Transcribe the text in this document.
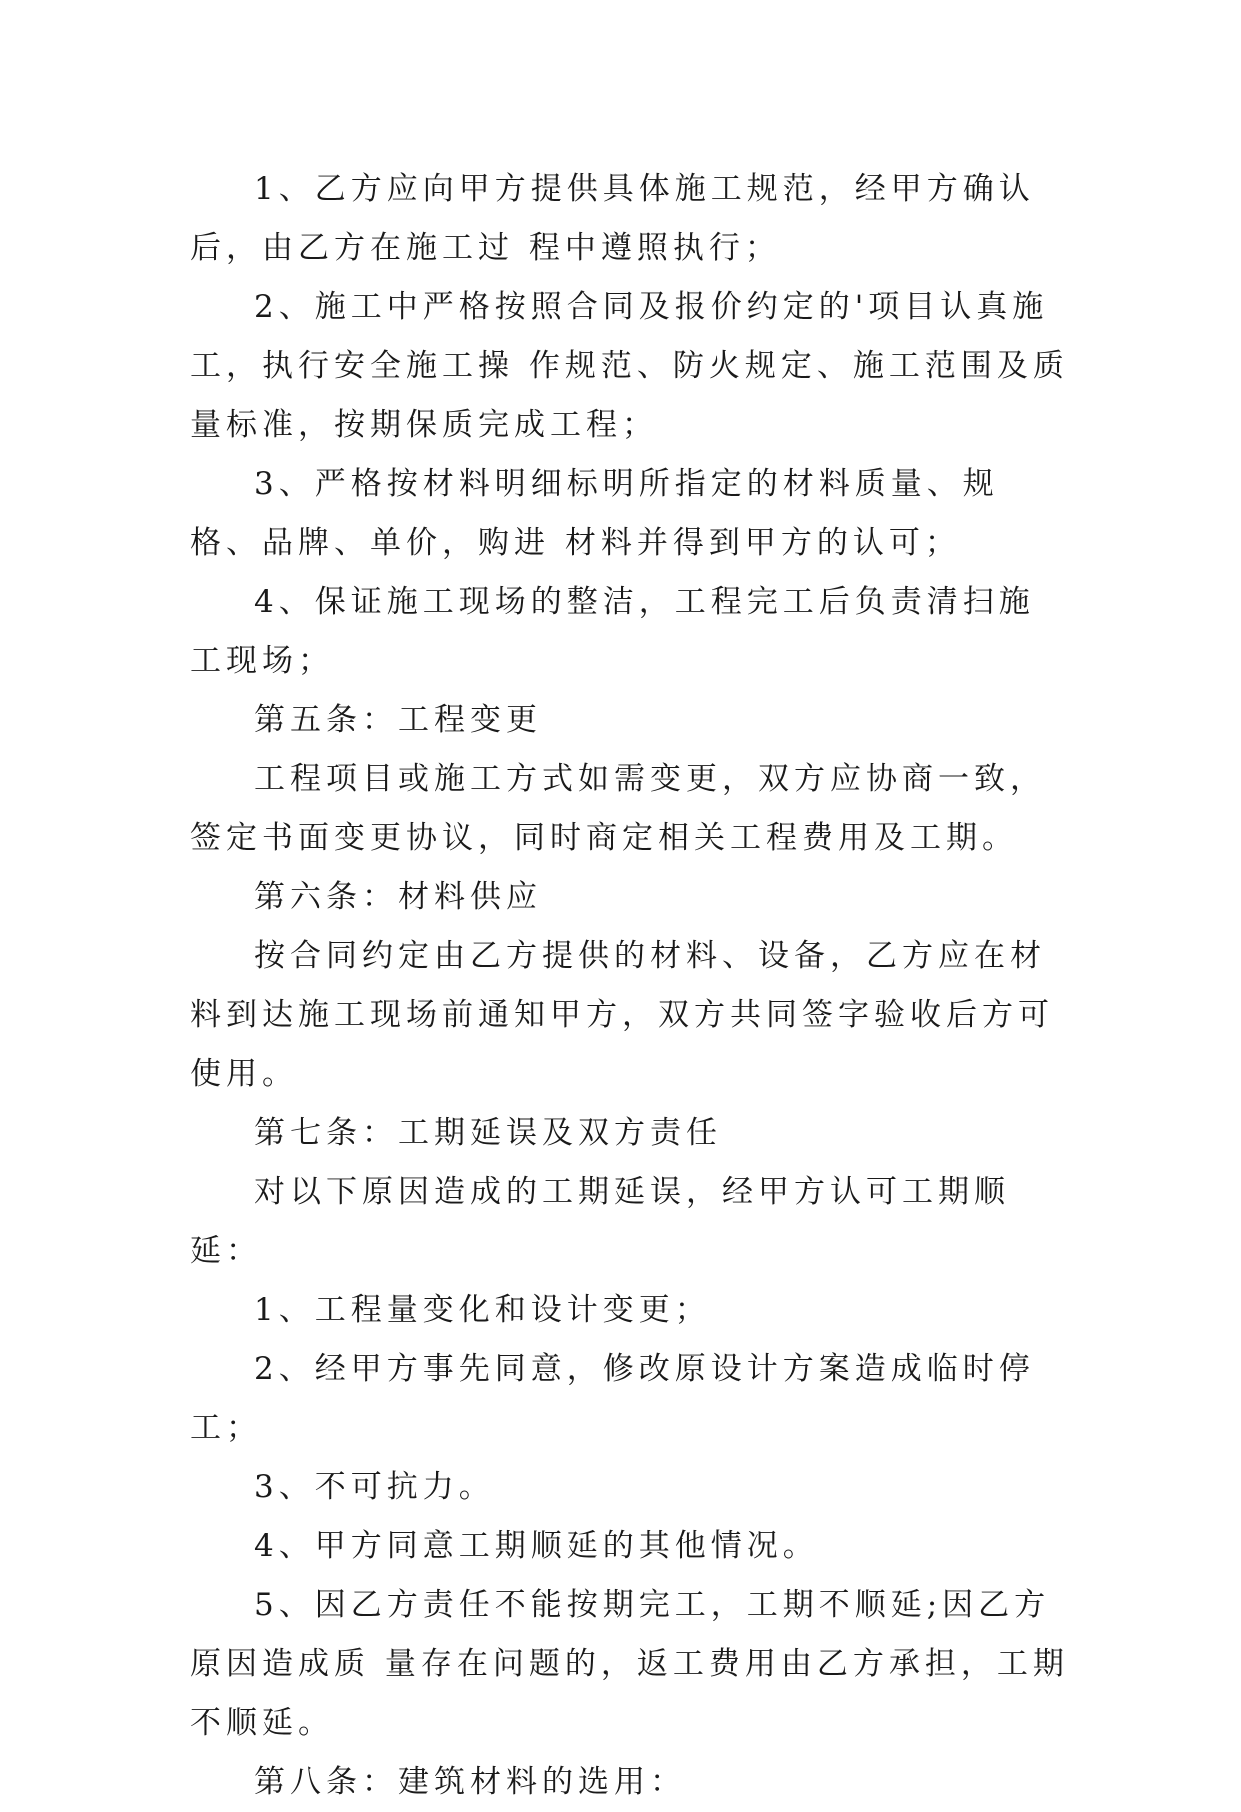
1、乙方应向甲方提供具体施工规范，经甲方确认后，由乙方在施工过 程中遵照执行；

2、施工中严格按照合同及报价约定的'项目认真施工，执行安全施工操 作规范、防火规定、施工范围及质量标准，按期保质完成工程；

3、严格按材料明细标明所指定的材料质量、规格、品牌、单价，购进 材料并得到甲方的认可；

4、保证施工现场的整洁，工程完工后负责清扫施工现场；

第五条：工程变更

工程项目或施工方式如需变更，双方应协商一致，签定书面变更协议，同时商定相关工程费用及工期。

第六条：材料供应

按合同约定由乙方提供的材料、设备，乙方应在材料到达施工现场前通知甲方，双方共同签字验收后方可使用。

第七条：工期延误及双方责任

对以下原因造成的工期延误，经甲方认可工期顺延：

1、工程量变化和设计变更；

2、经甲方事先同意，修改原设计方案造成临时停工；

3、不可抗力。

4、甲方同意工期顺延的其他情况。

5、因乙方责任不能按期完工，工期不顺延;因乙方原因造成质 量存在问题的，返工费用由乙方承担，工期不顺延。

第八条：建筑材料的选用：
